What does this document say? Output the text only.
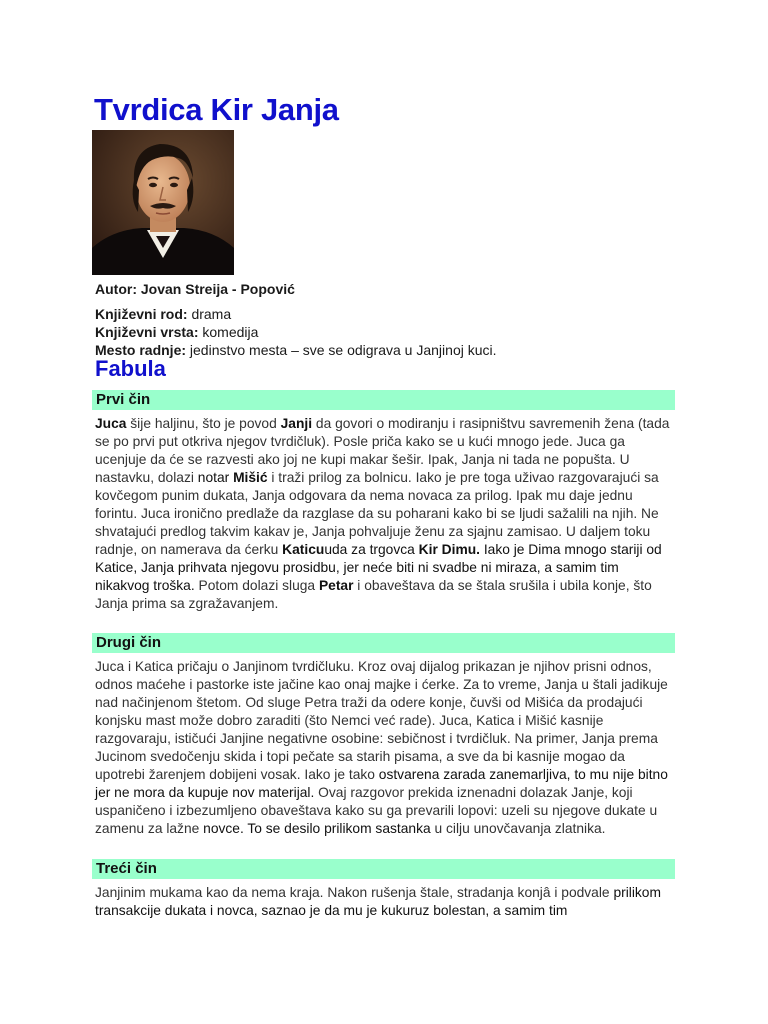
Tvrdica Kir Janja
Autor: Jovan Streija - Popović
Književni rod: drama
Književni vrsta: komedija
Mesto radnje: jedinstvo mesta – sve se odigrava u Janjinoj kuci.
Fabula
Prvi čin

Juca šije haljinu, što je povod Janji da govori o modiranju i rasipništvu savremenih žena (tada se po prvi put otkriva njegov tvrdičluk). Posle priča kako se u kući mnogo jede. Juca ga ucenjuje da će se razvesti ako joj ne kupi makar šešir. Ipak, Janja ni tada ne popušta. U nastavku, dolazi notar Mišić i traži prilog za bolnicu. Iako je pre toga uživao razgovarajući sa kovčegom punim dukata, Janja odgovara da nema novaca za prilog. Ipak mu daje jednu forintu. Juca ironično predlaže da razglase da su poharani kako bi se ljudi sažalili na njih. Ne shvatajući predlog takvim kakav je, Janja pohvaljuje ženu za sjajnu zamisao. U daljem toku radnje, on namerava da ćerku Katicuuda za trgovca Kir Dimu. Iako je Dima mnogo stariji od Katice, Janja prihvata njegovu prosidbu, jer neće biti ni svadbe ni miraza, a samim tim nikakvog troška. Potom dolazi sluga Petar i obaveštava da se štala srušila i ubila konje, što Janja prima sa zgražavanjem.

Drugi čin

Juca i Katica pričaju o Janjinom tvrdičluku. Kroz ovaj dijalog prikazan je njihov prisni odnos, odnos maćehe i pastorke iste jačine kao onaj majke i ćerke. Za to vreme, Janja u štali jadikuje nad načinjenom štetom. Od sluge Petra traži da odere konje, čuvši od Mišića da prodajući konjsku mast može dobro zaraditi (što Nemci već rade). Juca, Katica i Mišić kasnije razgovaraju, ističući Janjine negativne osobine: sebičnost i tvrdičluk. Na primer, Janja prema Jucinom svedočenju skida i topi pečate sa starih pisama, a sve da bi kasnije mogao da upotrebi žarenjem dobijeni vosak. Iako je tako ostvarena zarada zanemarljiva, to mu nije bitno jer ne mora da kupuje nov materijal. Ovaj razgovor prekida iznenadni dolazak Janje, koji uspaničeno i izbezumljeno obaveštava kako su ga prevarili lopovi: uzeli su njegove dukate u zamenu za lažne novce. To se desilo prilikom sastanka u cilju unovčavanja zlatnika.

Treći čin

Janjinim mukama kao da nema kraja. Nakon rušenja štale, stradanja konjâ i podvale prilikom transakcije dukata i novca, saznao je da mu je kukuruz bolestan, a samim tim
